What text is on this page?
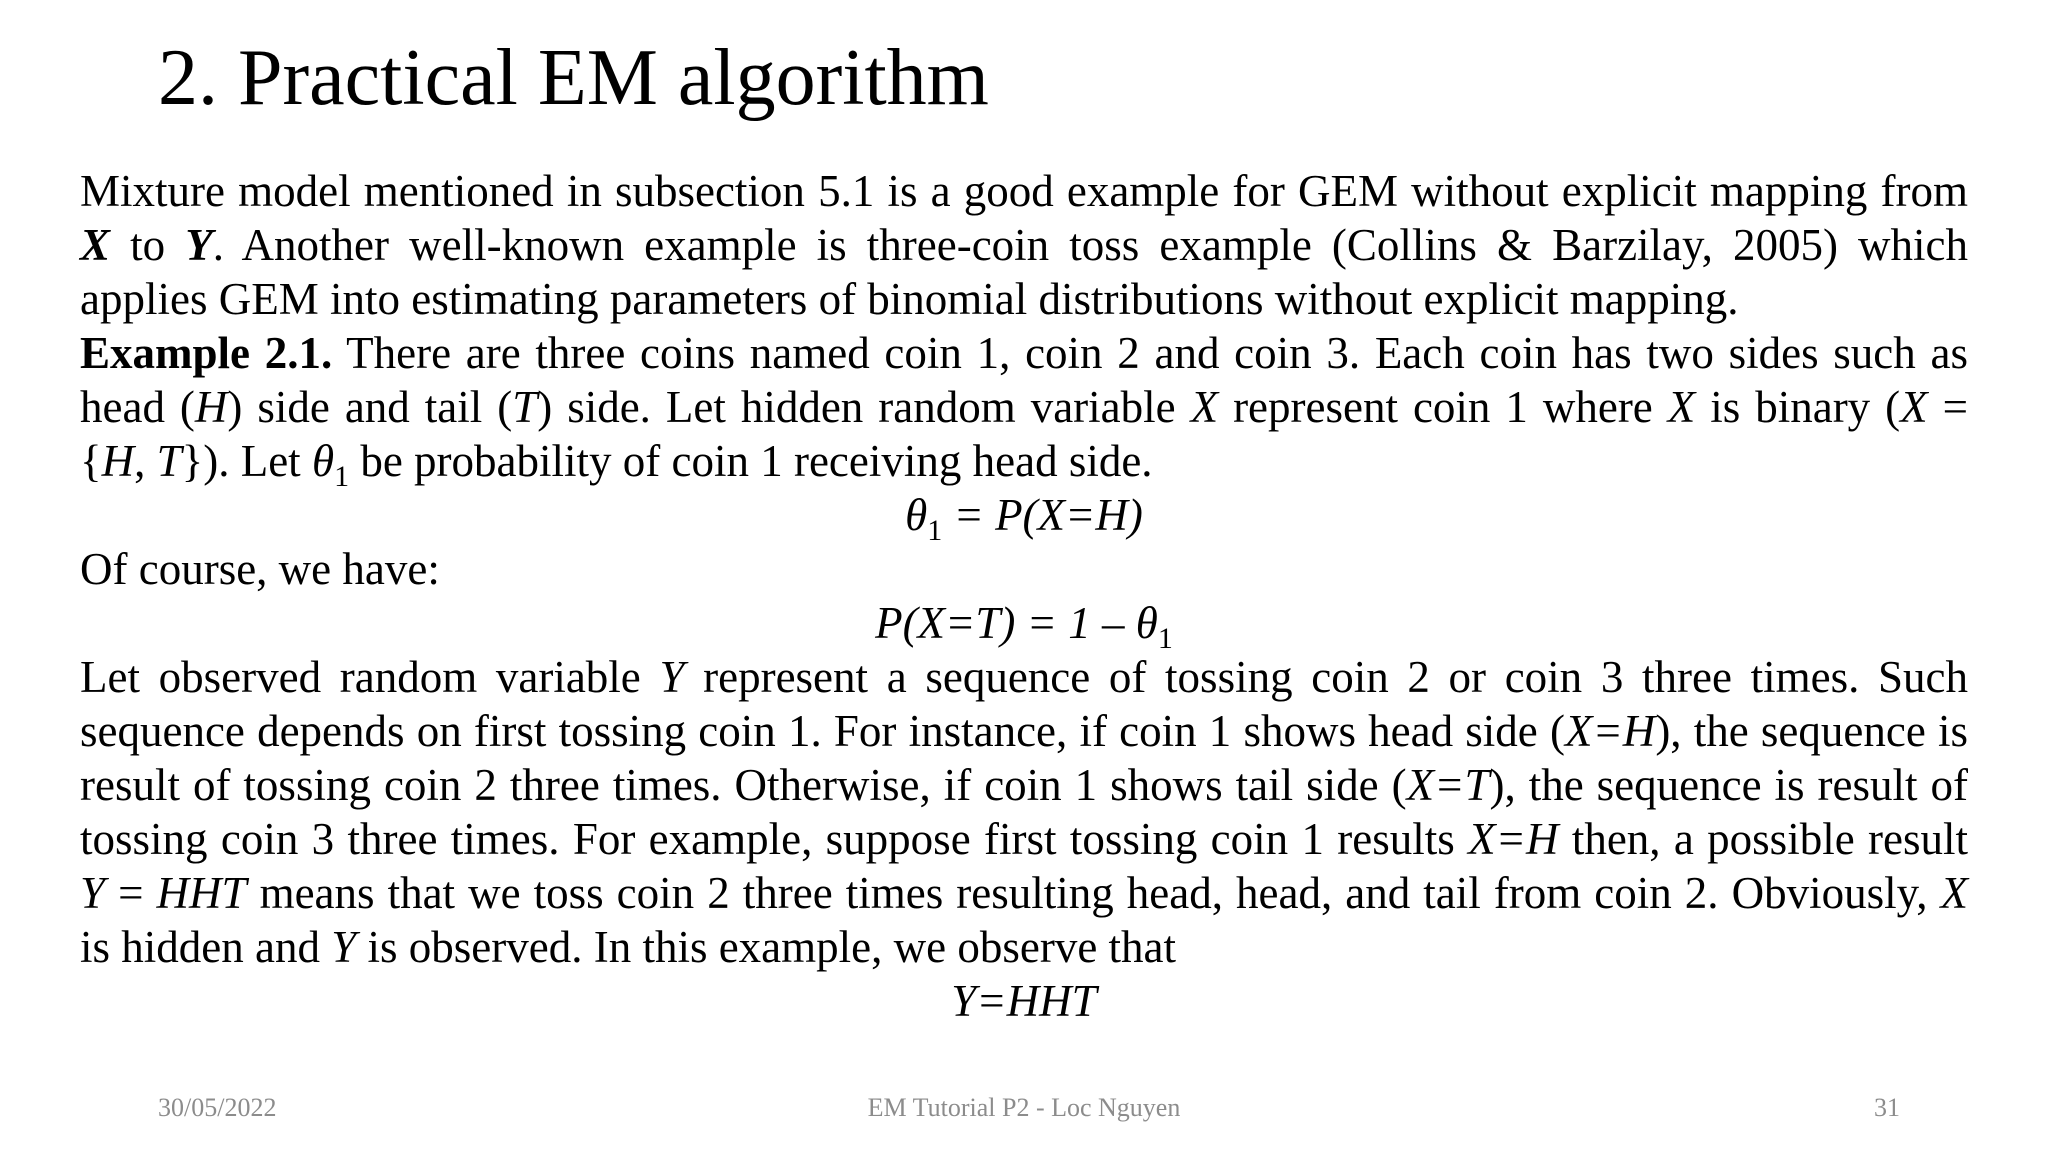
2. Practical EM algorithm

Mixture model mentioned in subsection 5.1 is a good example for GEM without explicit mapping from X to Y. Another well-known example is three-coin toss example (Collins & Barzilay, 2005) which applies GEM into estimating parameters of binomial distributions without explicit mapping.

Example 2.1. There are three coins named coin 1, coin 2 and coin 3. Each coin has two sides such as head (H) side and tail (T) side. Let hidden random variable X represent coin 1 where X is binary (X = {H, T}). Let $\theta_1$ be probability of coin 1 receiving head side.

$\theta_1 = P(X=H)$

Of course, we have:

$P(X=T) = 1 - \theta_1$

Let observed random variable Y represent a sequence of tossing coin 2 or coin 3 three times. Such sequence depends on first tossing coin 1. For instance, if coin 1 shows head side (X=H), the sequence is result of tossing coin 2 three times. Otherwise, if coin 1 shows tail side (X=T), the sequence is result of tossing coin 3 three times. For example, suppose first tossing coin 1 results X=H then, a possible result Y = HHT means that we toss coin 2 three times resulting head, head, and tail from coin 2. Obviously, X is hidden and Y is observed. In this example, we observe that

Y=HHT
30/05/2022	EM Tutorial P2 - Loc Nguyen	31
